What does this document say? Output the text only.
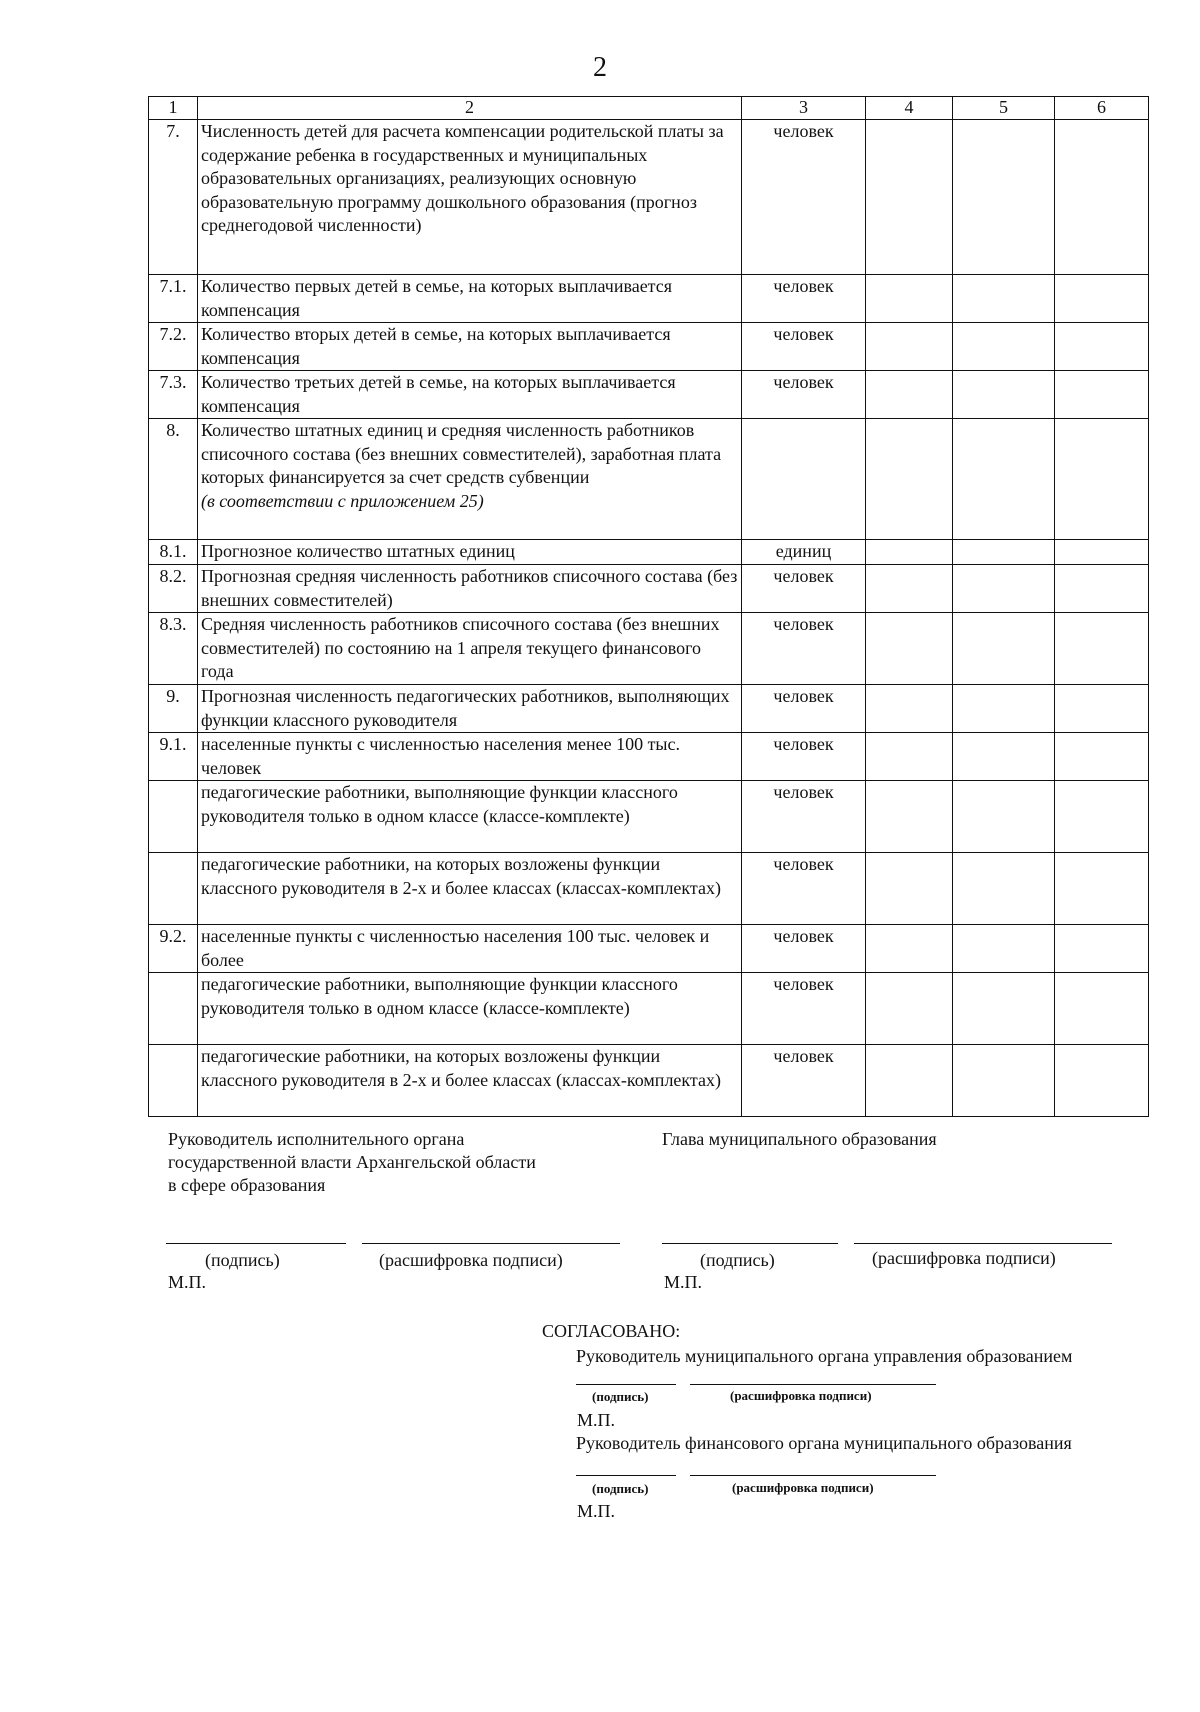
2
1	2	3	4	5	6
7.	Численность детей для расчета компенсации родительской платы за содержание ребенка в государственных и муниципальных образовательных организациях, реализующих основную образовательную программу дошкольного образования (прогноз среднегодовой численности)	человек			
7.1.	Количество первых детей в семье, на которых выплачивается компенсация	человек			
7.2.	Количество вторых детей в семье, на которых выплачивается компенсация	человек			
7.3.	Количество третьих детей в семье, на которых выплачивается компенсация	человек			
8.	Количество штатных единиц и средняя численность работников списочного состава (без внешних совместителей), заработная плата которых финансируется за счет средств субвенции
(в соответствии с приложением 25)				
8.1.	Прогнозное количество штатных единиц	единиц			
8.2.	Прогнозная средняя численность работников списочного состава (без внешних совместителей)	человек			
8.3.	Средняя численность работников списочного состава (без внешних совместителей) по состоянию на 1 апреля текущего финансового года	человек			
9.	Прогнозная численность педагогических работников, выполняющих функции классного руководителя	человек			
9.1.	населенные пункты с численностью населения менее 100 тыс. человек	человек			
	педагогические работники, выполняющие функции классного руководителя только в одном классе (классе-комплекте)	человек			
	педагогические работники, на которых возложены функции классного руководителя в 2-х и более классах (классах-комплектах)	человек			
9.2.	населенные пункты с численностью населения 100 тыс. человек и более	человек			
	педагогические работники, выполняющие функции классного руководителя только в одном классе (классе-комплекте)	человек			
	педагогические работники, на которых возложены функции классного руководителя в 2-х и более классах (классах-комплектах)	человек			
Руководитель исполнительного органа
государственной власти Архангельской области
в сфере образования
Глава муниципального образования
(подпись)	(расшифровка подписи)	(подпись)	(расшифровка подписи)
М.П.	М.П.
СОГЛАСОВАНО:
Руководитель муниципального органа управления образованием
(подпись)	(расшифровка подписи)
М.П.
Руководитель финансового органа муниципального образования
(подпись)	(расшифровка подписи)
М.П.
